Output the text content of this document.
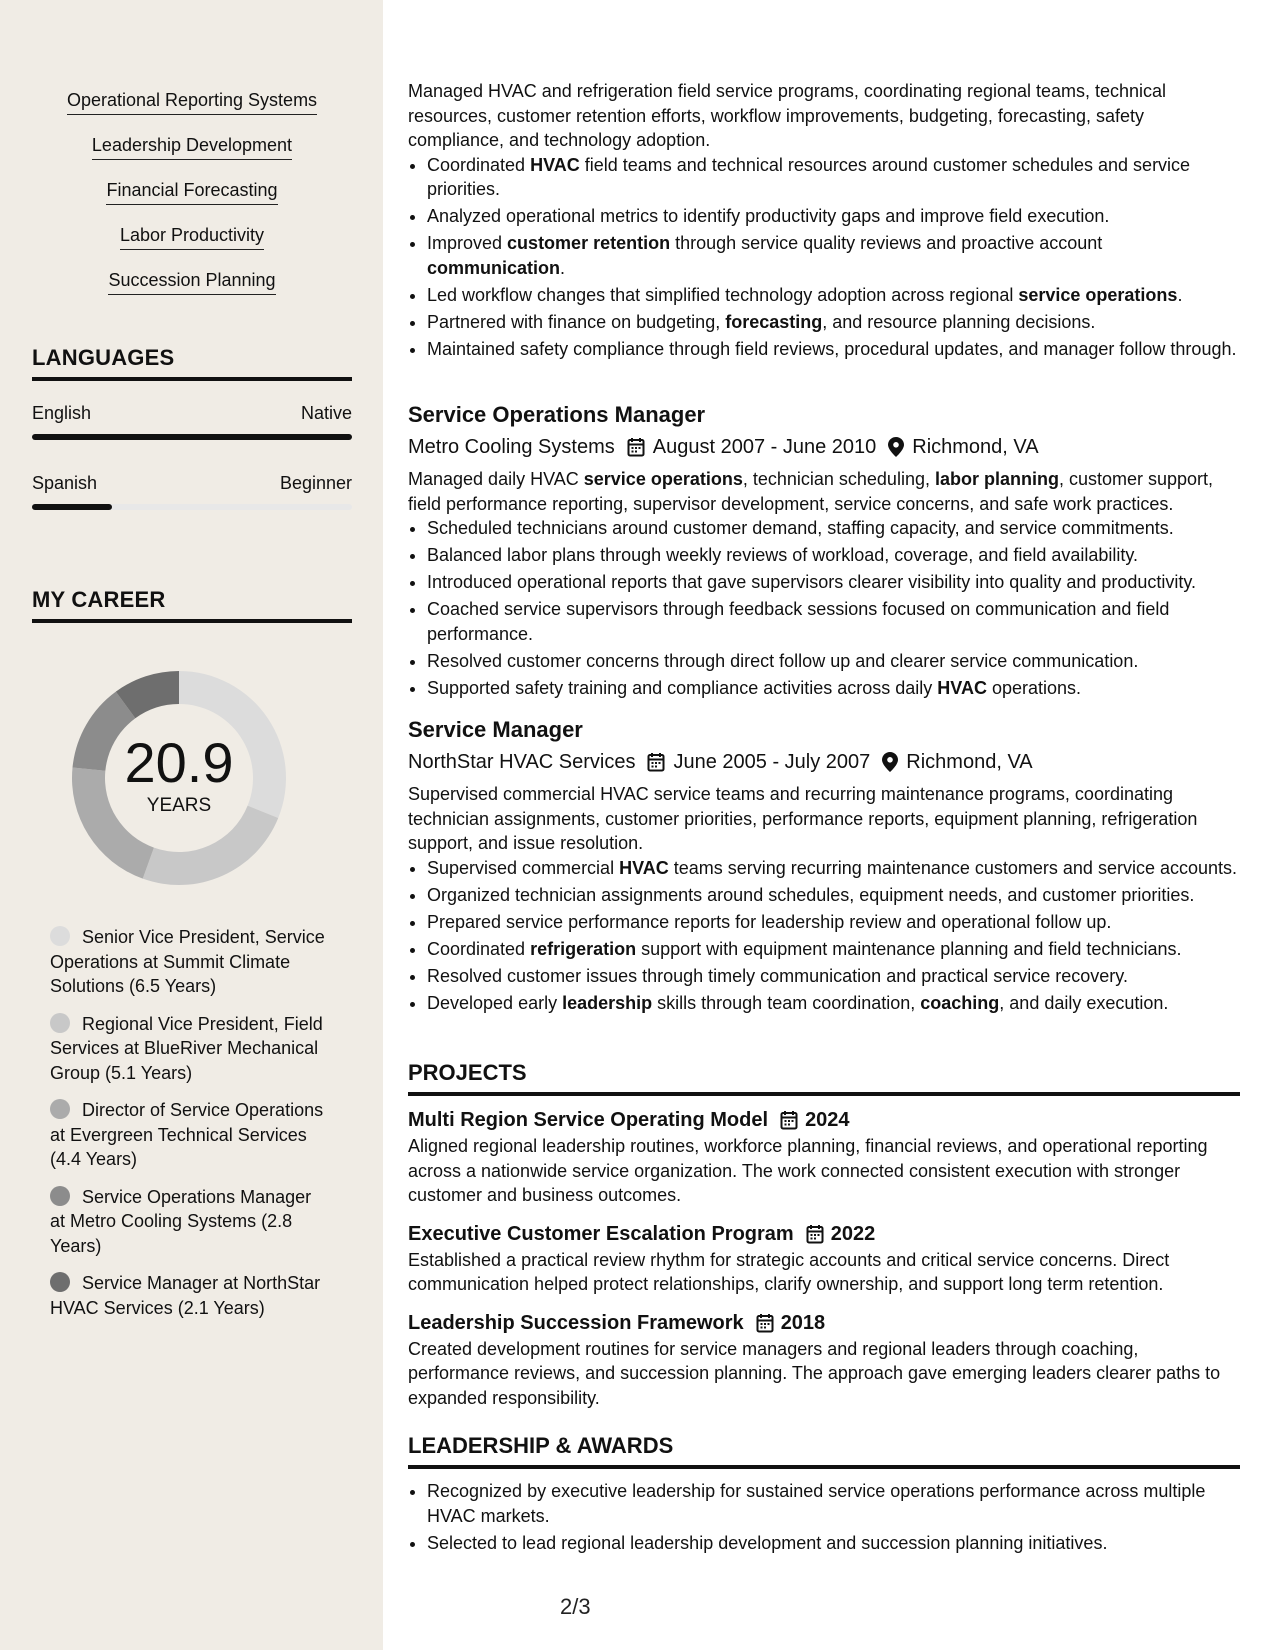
Operational Reporting Systems
Leadership Development
Financial Forecasting
Labor Productivity
Succession Planning
LANGUAGES
English	Native
Spanish	Beginner
MY CAREER
20.9
YEARS
Senior Vice President, Service Operations at Summit Climate Solutions (6.5 Years)
Regional Vice President, Field Services at BlueRiver Mechanical Group (5.1 Years)
Director of Service Operations at Evergreen Technical Services (4.4 Years)
Service Operations Manager at Metro Cooling Systems (2.8 Years)
Service Manager at NorthStar HVAC Services (2.1 Years)

Managed HVAC and refrigeration field service programs, coordinating regional teams, technical resources, customer retention efforts, workflow improvements, budgeting, forecasting, safety compliance, and technology adoption.

• Coordinated HVAC field teams and technical resources around customer schedules and service priorities.
• Analyzed operational metrics to identify productivity gaps and improve field execution.
• Improved customer retention through service quality reviews and proactive account communication.
• Led workflow changes that simplified technology adoption across regional service operations.
• Partnered with finance on budgeting, forecasting, and resource planning decisions.
• Maintained safety compliance through field reviews, procedural updates, and manager follow through.
Service Operations Manager
Metro Cooling Systems August 2007 - June 2010 Richmond, VA

Managed daily HVAC service operations, technician scheduling, labor planning, customer support, field performance reporting, supervisor development, service concerns, and safe work practices.

• Scheduled technicians around customer demand, staffing capacity, and service commitments.
• Balanced labor plans through weekly reviews of workload, coverage, and field availability.
• Introduced operational reports that gave supervisors clearer visibility into quality and productivity.
• Coached service supervisors through feedback sessions focused on communication and field performance.
• Resolved customer concerns through direct follow up and clearer service communication.
• Supported safety training and compliance activities across daily HVAC operations.
Service Manager
NorthStar HVAC Services June 2005 - July 2007 Richmond, VA

Supervised commercial HVAC service teams and recurring maintenance programs, coordinating technician assignments, customer priorities, performance reports, equipment planning, refrigeration support, and issue resolution.

• Supervised commercial HVAC teams serving recurring maintenance customers and service accounts.
• Organized technician assignments around schedules, equipment needs, and customer priorities.
• Prepared service performance reports for leadership review and operational follow up.
• Coordinated refrigeration support with equipment maintenance planning and field technicians.
• Resolved customer issues through timely communication and practical service recovery.
• Developed early leadership skills through team coordination, coaching, and daily execution.
PROJECTS
Multi Region Service Operating Model 2024

Aligned regional leadership routines, workforce planning, financial reviews, and operational reporting across a nationwide service organization. The work connected consistent execution with stronger customer and business outcomes.

Executive Customer Escalation Program 2022

Established a practical review rhythm for strategic accounts and critical service concerns. Direct communication helped protect relationships, clarify ownership, and support long term retention.

Leadership Succession Framework 2018

Created development routines for service managers and regional leaders through coaching, performance reviews, and succession planning. The approach gave emerging leaders clearer paths to expanded responsibility.

LEADERSHIP & AWARDS
• Recognized by executive leadership for sustained service operations performance across multiple HVAC markets.
• Selected to lead regional leadership development and succession planning initiatives.
2/3
